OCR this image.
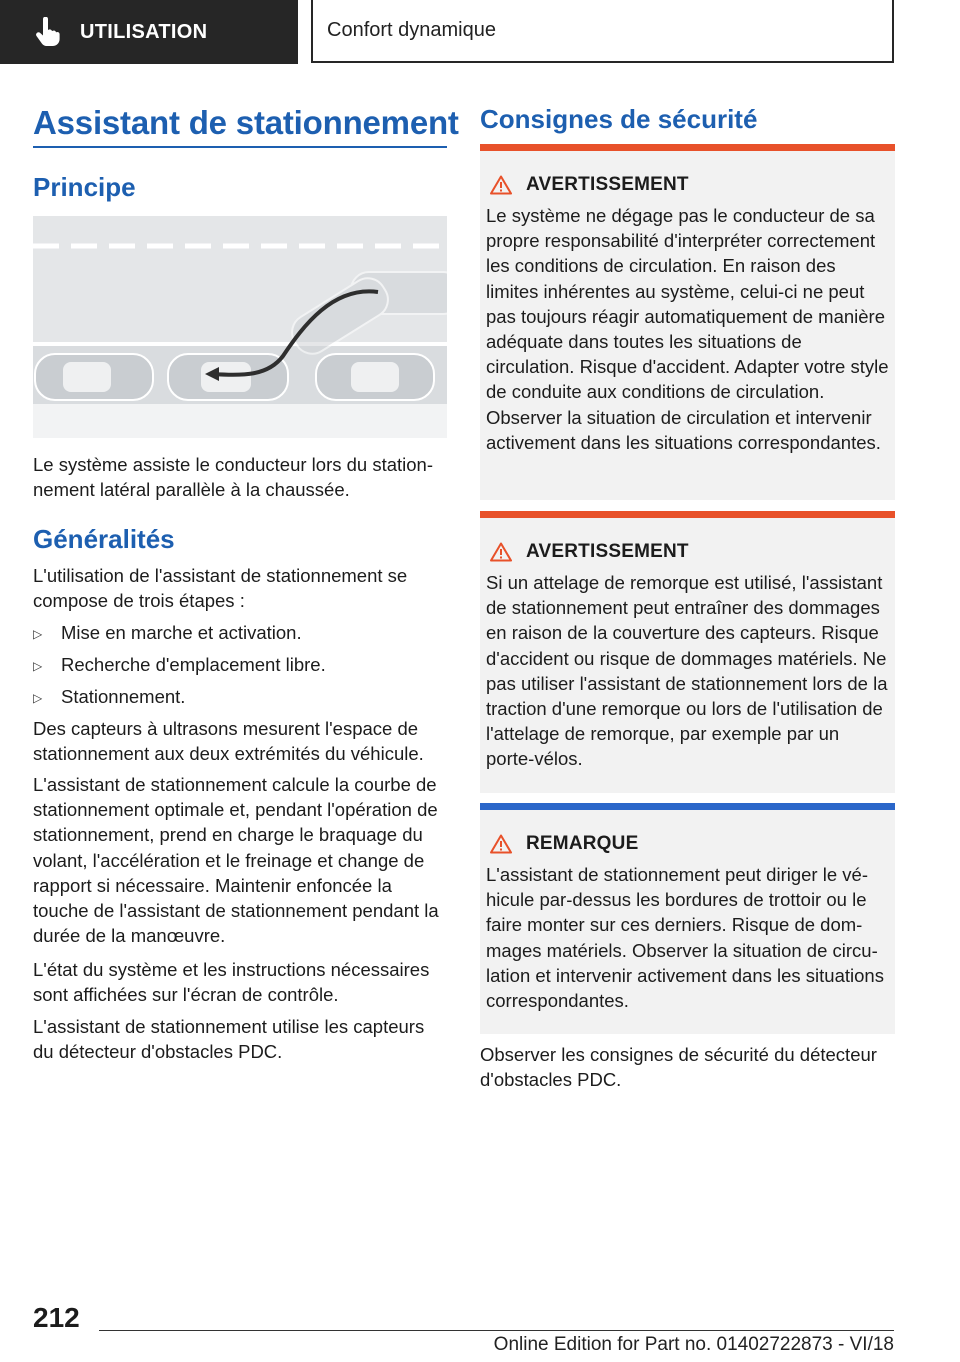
UTILISATION	Confort dynamique
Assistant de stationnement
Principe

Le système assiste le conducteur lors du stationnement latéral parallèle à la chaussée.

Généralités

L'utilisation de l'assistant de stationnement se compose de trois étapes :

▷ Mise en marche et activation.
▷ Recherche d'emplacement libre.
▷ Stationnement.

Des capteurs à ultrasons mesurent l'espace de stationnement aux deux extrémités du véhicule.

L'assistant de stationnement calcule la courbe de stationnement optimale et, pendant l'opération de stationnement, prend en charge le braquage du volant, l'accélération et le freinage et change de rapport si nécessaire. Maintenir enfoncée la touche de l'assistant de stationnement pendant la durée de la manœuvre.

L'état du système et les instructions nécessaires sont affichées sur l'écran de contrôle.

L'assistant de stationnement utilise les capteurs du détecteur d'obstacles PDC.

Consignes de sécurité
AVERTISSEMENT
Le système ne dégage pas le conducteur de sa propre responsabilité d'interpréter correctement les conditions de circulation. En raison des limites inhérentes au système, celui-ci ne peut pas toujours réagir automatiquement de manière adéquate dans toutes les situations de circulation. Risque d'accident. Adapter votre style de conduite aux conditions de circulation. Observer la situation de circulation et intervenir activement dans les situations correspondantes.
AVERTISSEMENT
Si un attelage de remorque est utilisé, l'assistant de stationnement peut entraîner des dommages en raison de la couverture des capteurs. Risque d'accident ou risque de dommages matériels. Ne pas utiliser l'assistant de stationnement lors de la traction d'une remorque ou lors de l'utilisation de l'attelage de remorque, par exemple par un porte-vélos.
REMARQUE
L'assistant de stationnement peut diriger le véhicule par-dessus les bordures de trottoir ou le faire monter sur ces derniers. Risque de dommages matériels. Observer la situation de circulation et intervenir activement dans les situations correspondantes.

Observer les consignes de sécurité du détecteur d'obstacles PDC.

212
Online Edition for Part no. 01402722873 - VI/18
